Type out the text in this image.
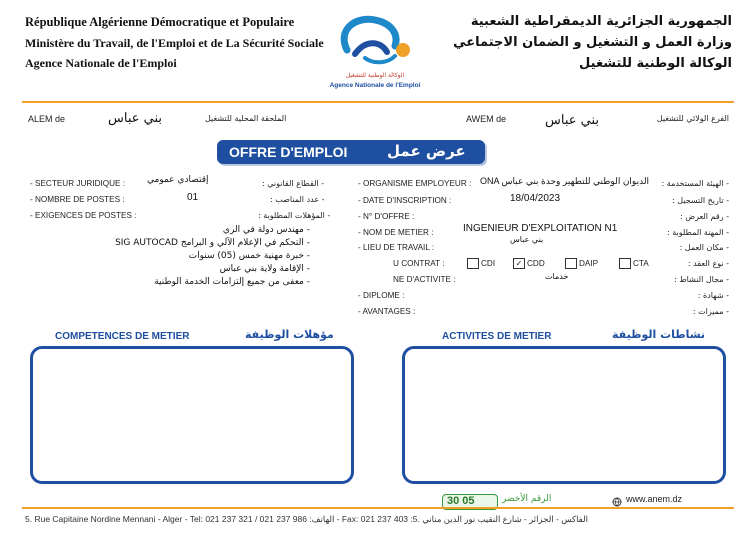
République Algérienne Démocratique et Populaire
Ministère du Travail, de l'Emploi et de La Sécurité Sociale
Agence Nationale de l'Emploi
الجمهورية الجزائرية الديمقراطية الشعبية
وزارة العمل و التشغيل و الضمان الاجتماعي
الوكالة الوطنية للتشغيل
الوكالة الوطنية للتشغيل
Agence Nationale de l'Emploi
ALEM de	بني عباس	الملحقة المحلية للتشغيل	AWEM de	بني عباس	الفرع الولائي للتشغيل
OFFRE D'EMPLOI	عرض عمل
- SECTEUR JURIDIQUE : إقتصادي عمومي	- القطاع القانوني :
- NOMBRE DE POSTES :	01	- عدد المناصب :
- EXIGENCES DE POSTES :	- المؤهلات المطلوبة :
- مهندس دولة في الري
- التحكم في الإعلام الآلي و البرامج SIG AUTOCAD
- خبرة مهنية خمس (05) سنوات
- الإقامة ولاية بني عباس
- معفى من جميع إلتزامات الخدمة الوطنية
- ORGANISME EMPLOYEUR : ONA الديوان الوطني للتطهير وحدة بني عباس - الهيئة المستخدمة :
- DATE D'INSCRIPTION :	18/04/2023	- تاريخ التسجيل :
- N° D'OFFRE :	- رقم العرض :
- NOM DE METIER :	INGENIEUR D'EXPLOITATION N1	- المهنة المطلوبة :
- LIEU DE TRAVAIL :
بني عباس
- مكان العمل :
U CONTRAT :	CDI	✓ CDD	DAIP	CTA	- نوع العقد :
NE D'ACTIVITE :	خدمات	- مجال النشاط :
- DIPLOME :	- شهادة :
- AVANTAGES :	- مميزات :
COMPETENCES DE METIER	مؤهلات الوظيفة	ACTIVITES DE METIER	نشاطات الوظيفة
30 05	الرقم الأخضر	www.anem.dz
5. Rue Capitaine Nordine Mennani - Alger - Tel: 021 237 321 / 021 237 986 :الهاتف - Fax: 021 237 403 :الفاكس - الجزائر - شارع النقيب نور الدين مناني .5
